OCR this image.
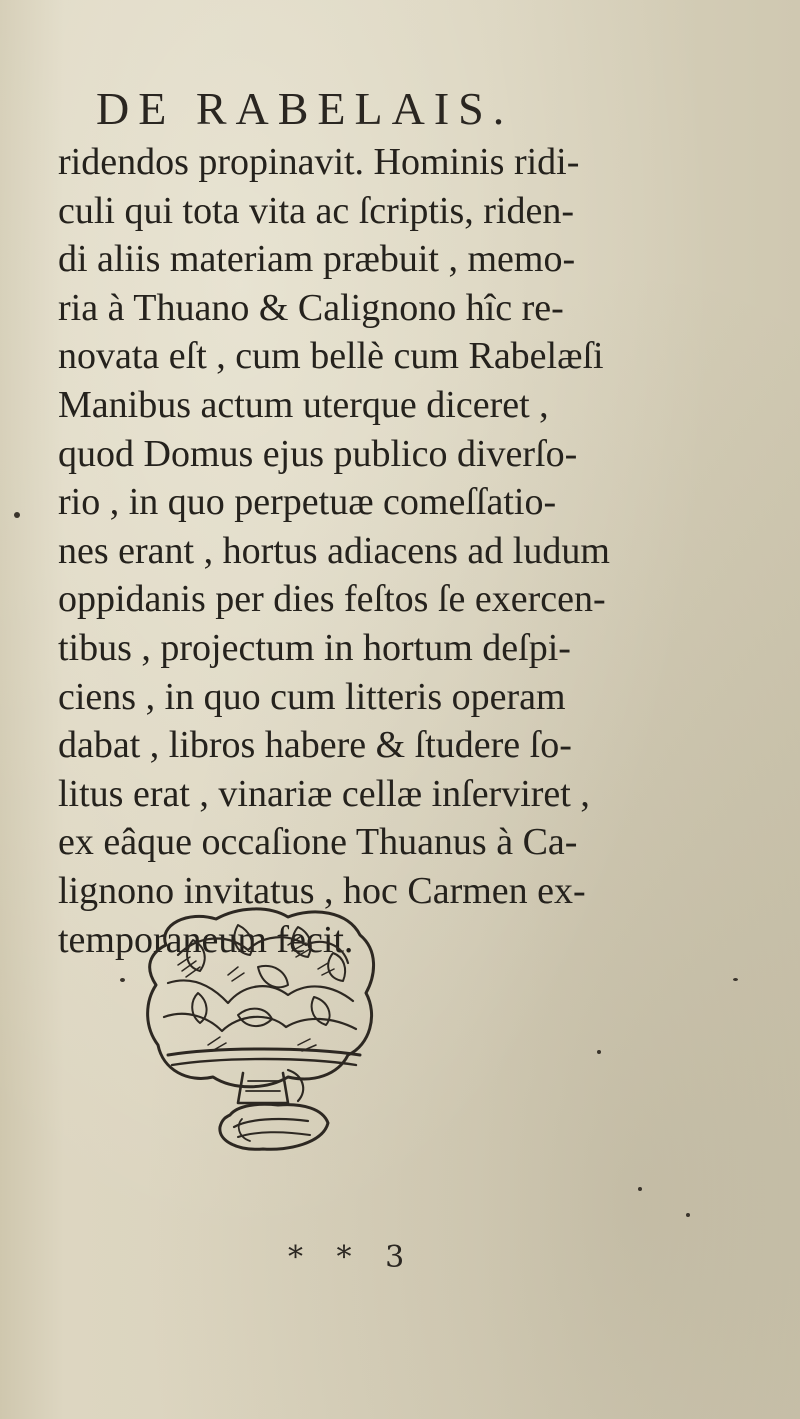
DE RABELAIS.
ridendos propinavit. Hominis ridi-
culi qui tota vita ac ſcriptis, riden-
di aliis materiam præbuit , memo-
ria à Thuano & Calignono hîc re-
novata eſt , cum bellè cum Rabelæſi
Manibus actum uterque diceret ,
quod Domus ejus publico diverſo-
rio , in quo perpetuæ comeſſatio-
nes erant , hortus adiacens ad ludum
oppidanis per dies feſtos ſe exercen-
tibus , projectum in hortum deſpi-
ciens , in quo cum litteris operam
dabat , libros habere & ſtudere ſo-
litus erat , vinariæ cellæ inſerviret ,
ex eâque occaſione Thuanus à Ca-
lignono invitatus , hoc Carmen ex-
temporaneum fecit.
* * 3
